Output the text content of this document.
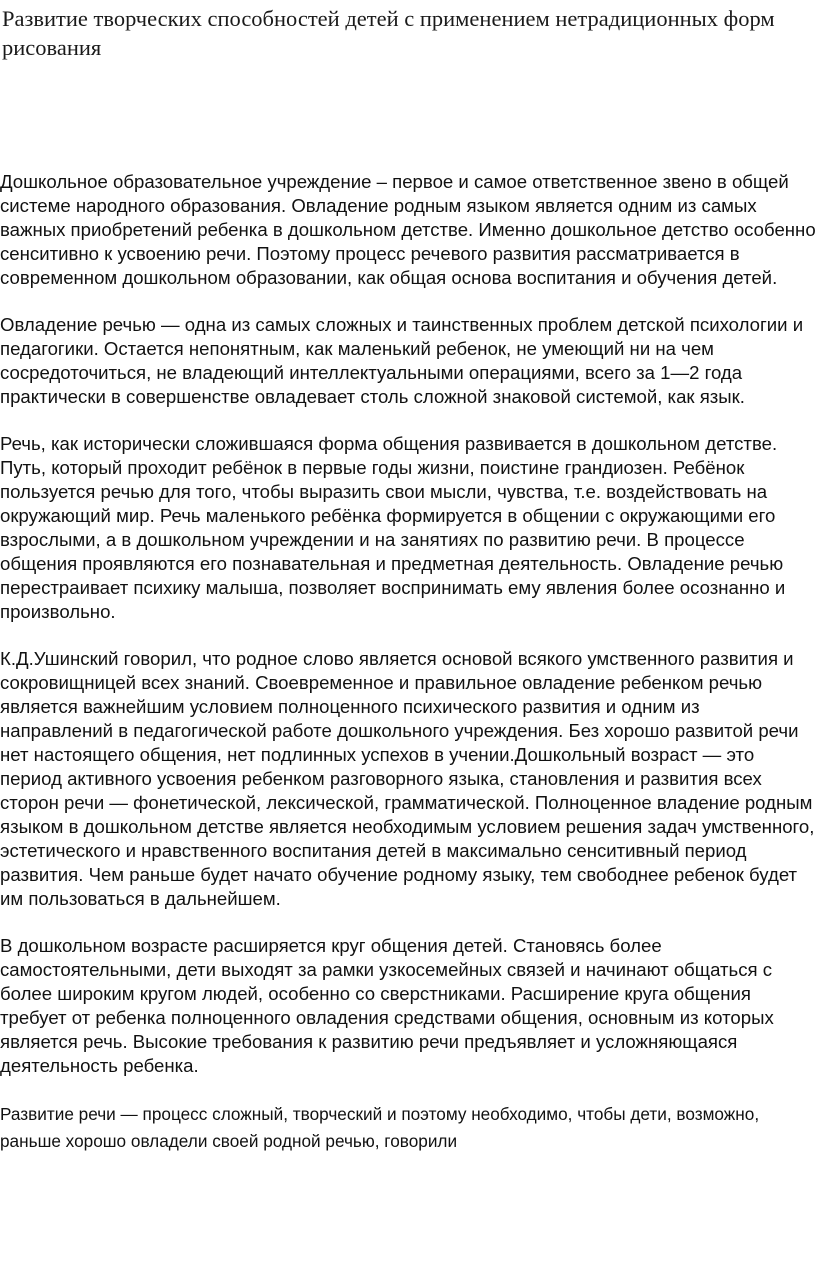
Развитие творческих способностей детей с применением нетрадиционных форм рисования

Дошкольное образовательное учреждение – первое и самое ответственное звено в общей системе народного образования. Овладение родным языком является одним из самых важных приобретений ребенка в дошкольном детстве. Именно дошкольное детство особенно сенситивно к усвоению речи. Поэтому процесс речевого развития рассматривается в современном дошкольном образовании, как общая основа воспитания и обучения детей.

Овладение речью — одна из самых сложных и таинственных проблем детской психологии и педагогики. Остается непонятным, как маленький ребенок, не умеющий ни на чем сосредоточиться, не владеющий интеллектуальными операциями, всего за 1—2 года практически в совершенстве овладевает столь сложной знаковой системой, как язык.

Речь, как исторически сложившаяся форма общения развивается в дошкольном детстве. Путь, который проходит ребёнок в первые годы жизни, поистине грандиозен. Ребёнок пользуется речью для того, чтобы выразить свои мысли, чувства, т.е. воздействовать на окружающий мир. Речь маленького ребёнка формируется в общении с окружающими его взрослыми, а в дошкольном учреждении и на занятиях по развитию речи. В процессе общения проявляются его познавательная и предметная деятельность. Овладение речью перестраивает психику малыша, позволяет воспринимать ему явления более осознанно и произвольно.

К.Д.Ушинский говорил, что родное слово является основой всякого умственного развития и сокровищницей всех знаний. Своевременное и правильное овладение ребенком речью является важнейшим условием полноценного психического развития и одним из направлений в педагогической работе дошкольного учреждения. Без хорошо развитой речи нет настоящего общения, нет подлинных успехов в учении.Дошкольный возраст — это период активного усвоения ребенком разговорного языка, становления и развития всех сторон речи — фонетической, лексической, грамматической. Полноценное владение родным языком в дошкольном детстве является необходимым условием решения задач умственного, эстетического и нравственного воспитания детей в максимально сенситивный период развития. Чем раньше будет начато обучение родному языку, тем свободнее ребенок будет им пользоваться в дальнейшем.

В дошкольном возрасте расширяется круг общения детей. Становясь более самостоятельными, дети выходят за рамки узкосемейных связей и начинают общаться с более широким кругом людей, особенно со сверстниками. Расширение круга общения требует от ребенка полноценного овладения средствами общения, основным из которых является речь. Высокие требования к развитию речи предъявляет и усложняющаяся деятельность ребенка.

Развитие речи — процесс сложный, творческий и поэтому необходимо, чтобы дети, возможно, раньше хорошо овладели своей родной речью, говорили
